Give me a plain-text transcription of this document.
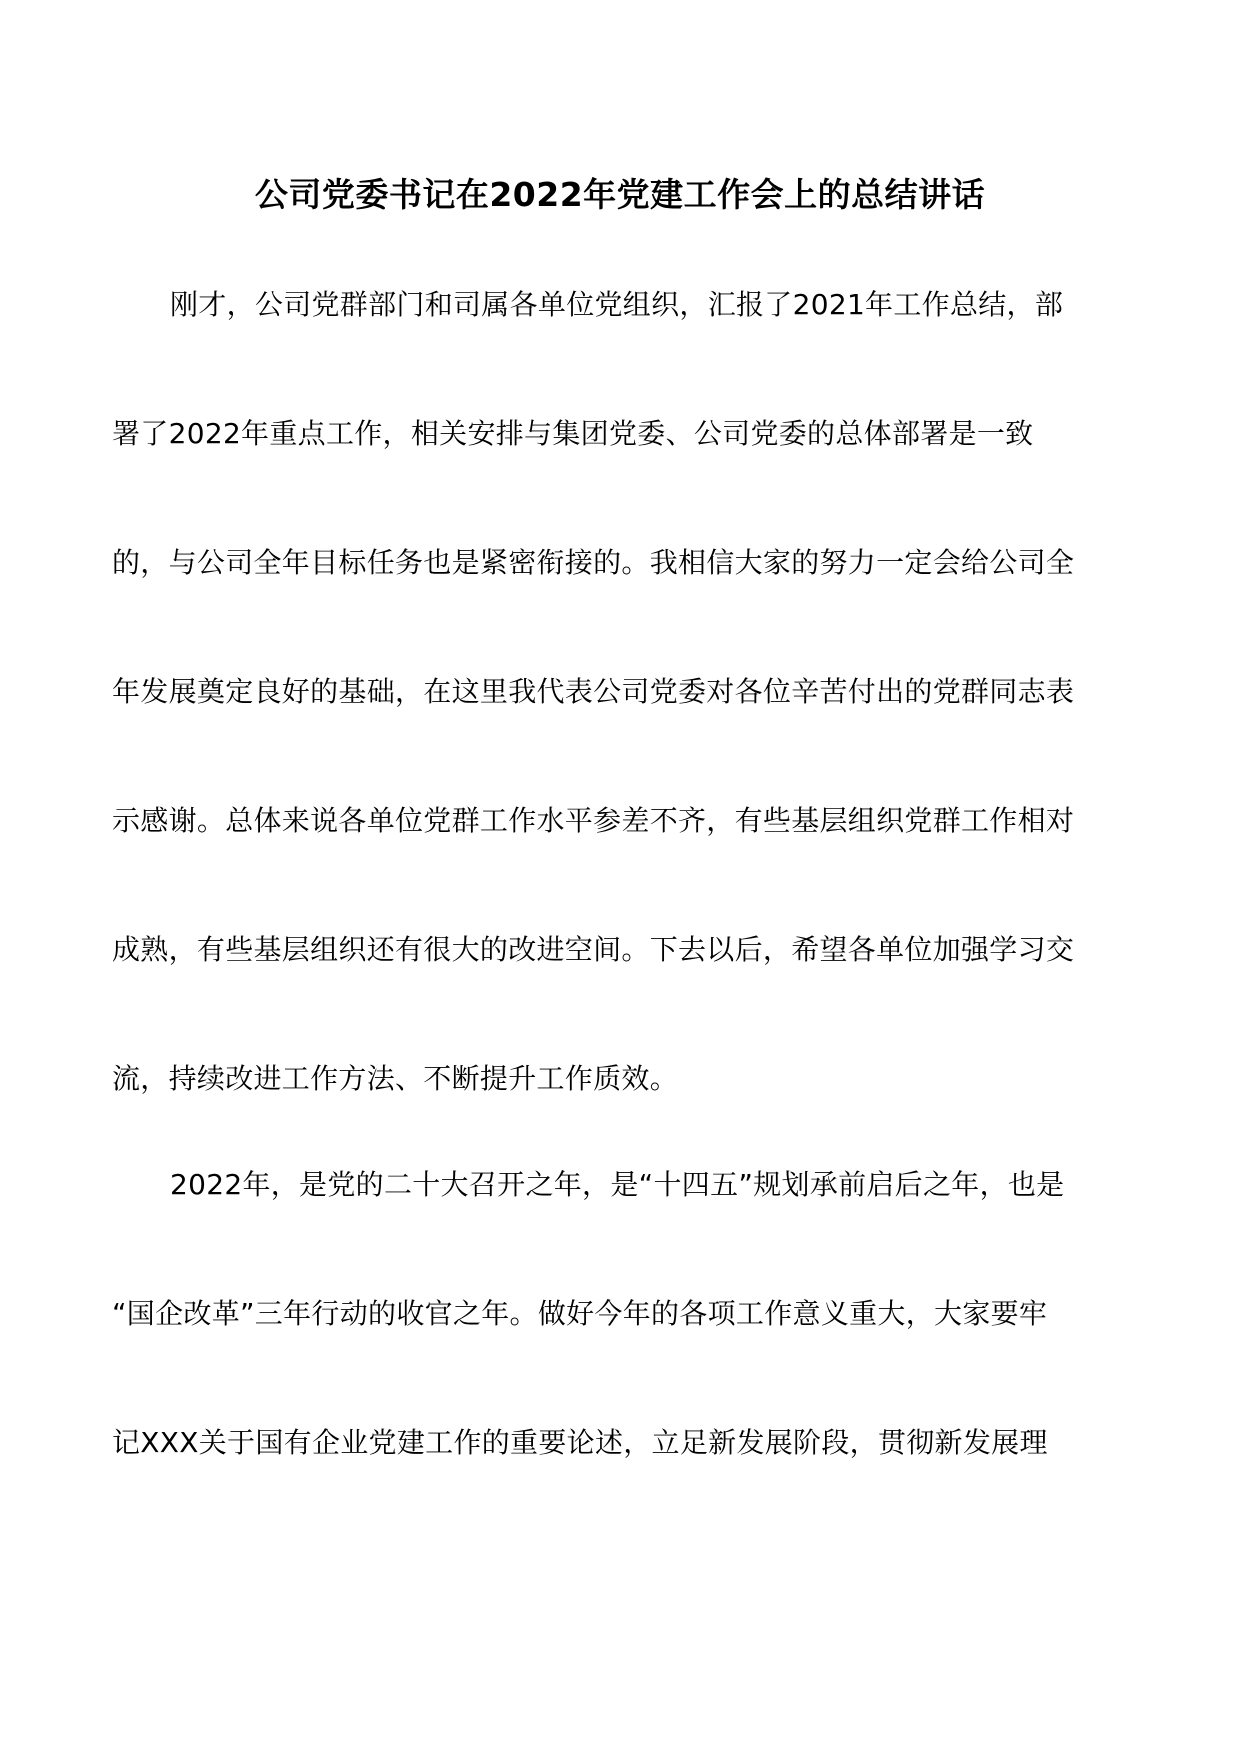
公司党委书记在2022年党建工作会上的总结讲话
刚才，公司党群部门和司属各单位党组织，汇报了2021年工作总结，部
署了2022年重点工作，相关安排与集团党委、公司党委的总体部署是一致
的，与公司全年目标任务也是紧密衔接的。我相信大家的努力一定会给公司全
年发展奠定良好的基础，在这里我代表公司党委对各位辛苦付出的党群同志表
示感谢。总体来说各单位党群工作水平参差不齐，有些基层组织党群工作相对
成熟，有些基层组织还有很大的改进空间。下去以后，希望各单位加强学习交
流，持续改进工作方法、不断提升工作质效。
2022年，是党的二十大召开之年，是“十四五”规划承前启后之年，也是
“国企改革”三年行动的收官之年。做好今年的各项工作意义重大，大家要牢
记XXX关于国有企业党建工作的重要论述，立足新发展阶段，贯彻新发展理
